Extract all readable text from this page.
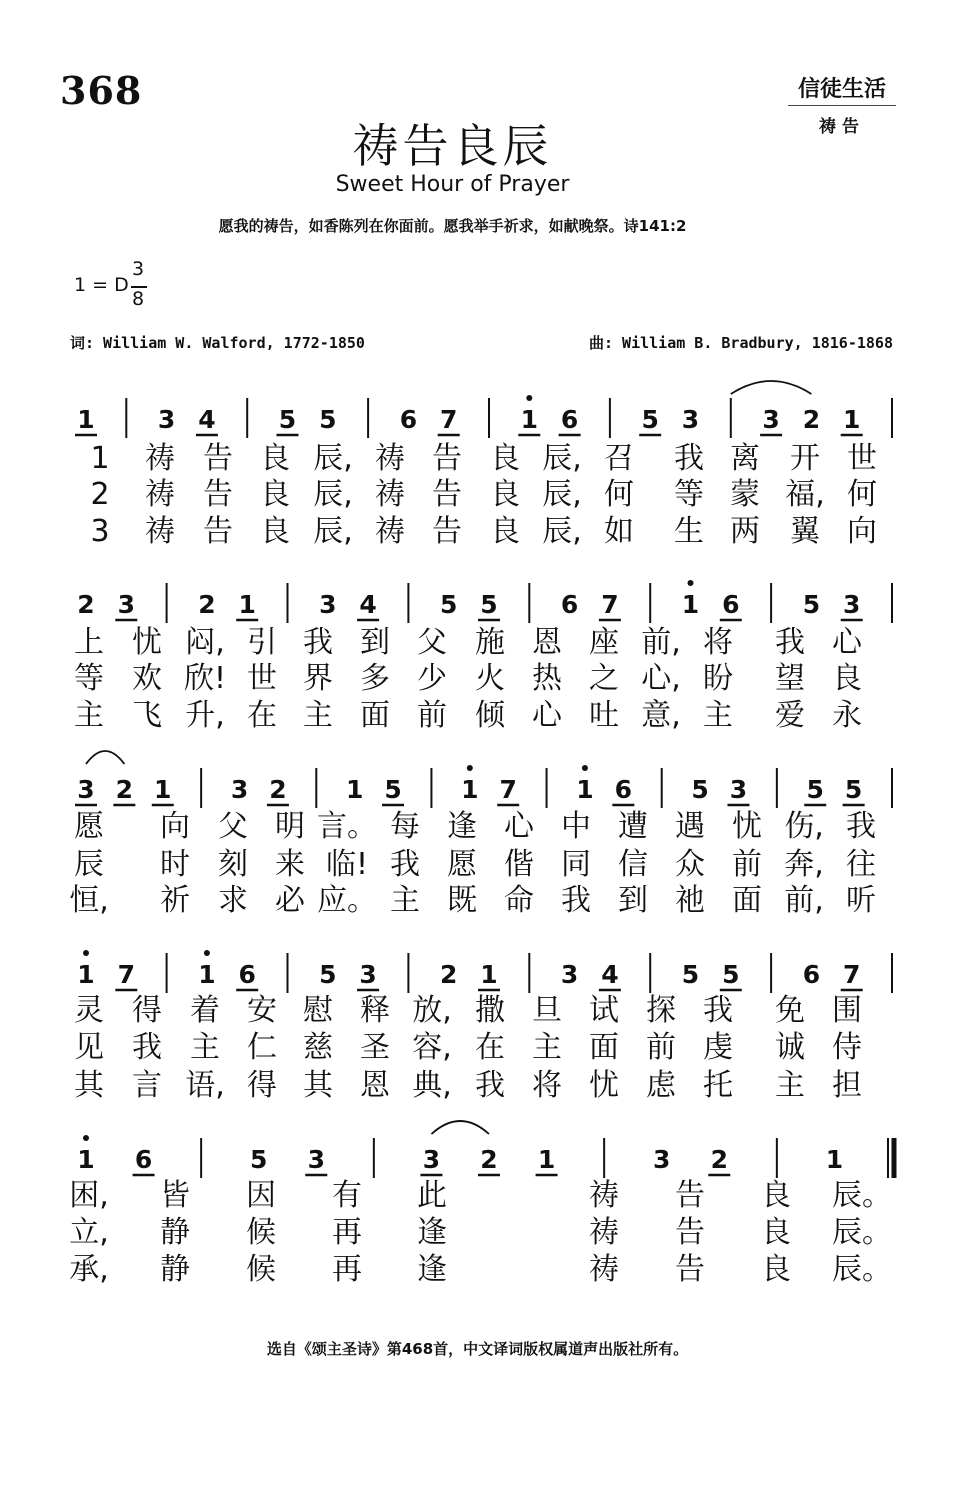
368	信徒生活
祷告
祷告良辰
Sweet Hour of Prayer
愿我的祷告，如香陈列在你面前。愿我举手祈求，如献晚祭。诗141:2
1 = D
3
8
词: William W. Walford, 1772-1850	曲: William B. Bradbury, 1816-1868
1	3 4	5 5	6 7	1 6	5 3	3 2 1
1 祷 告 良 辰, 祷 告 良 辰, 召 我 离 开 世
2 祷 告 良 辰, 祷 告 良 辰, 何 等 蒙 福, 何
3 祷 告 良 辰, 祷 告 良 辰, 如 生 两 翼 向
2 3	2 1	3 4	5 5	6 7	1 6	5 3
上 忧 闷, 引 我 到 父 施 恩 座 前, 将 我 心
等 欢 欣! 世 界 多 少 火 热 之 心, 盼 望 良
主 飞 升, 在 主 面 前 倾 心 吐 意, 主 爱 永
3 2 1 3 2 1 5 1 7 1 6 5 3 5 5
愿 向 父 明 言。 每 逢 心 中 遭 遇 忧 伤, 我
辰 时 刻 来 临! 我 愿 偕 同 信 众 前 奔, 往
恒, 祈 求 必 应。 主 既 命 我 到 祂 面 前, 听
1 7	1 6	5 3	2 1	3 4	5 5	6 7
灵 得 着 安 慰 释 放, 撒 旦 试 探 我 免 围
见 我 主 仁 慈 圣 容, 在 主 面 前 虔 诚 侍
其 言 语, 得 其 恩 典, 我 将 忧 虑 托 主 担
1 6	5 3	3 2 1	3 2	1
困, 皆 因 有 此	祷 告 良 辰。
立, 静 候 再 逢	祷 告 良 辰。
承, 静 候 再 逢	祷 告 良 辰。
选自《颂主圣诗》第468首，中文译词版权属道声出版社所有。
